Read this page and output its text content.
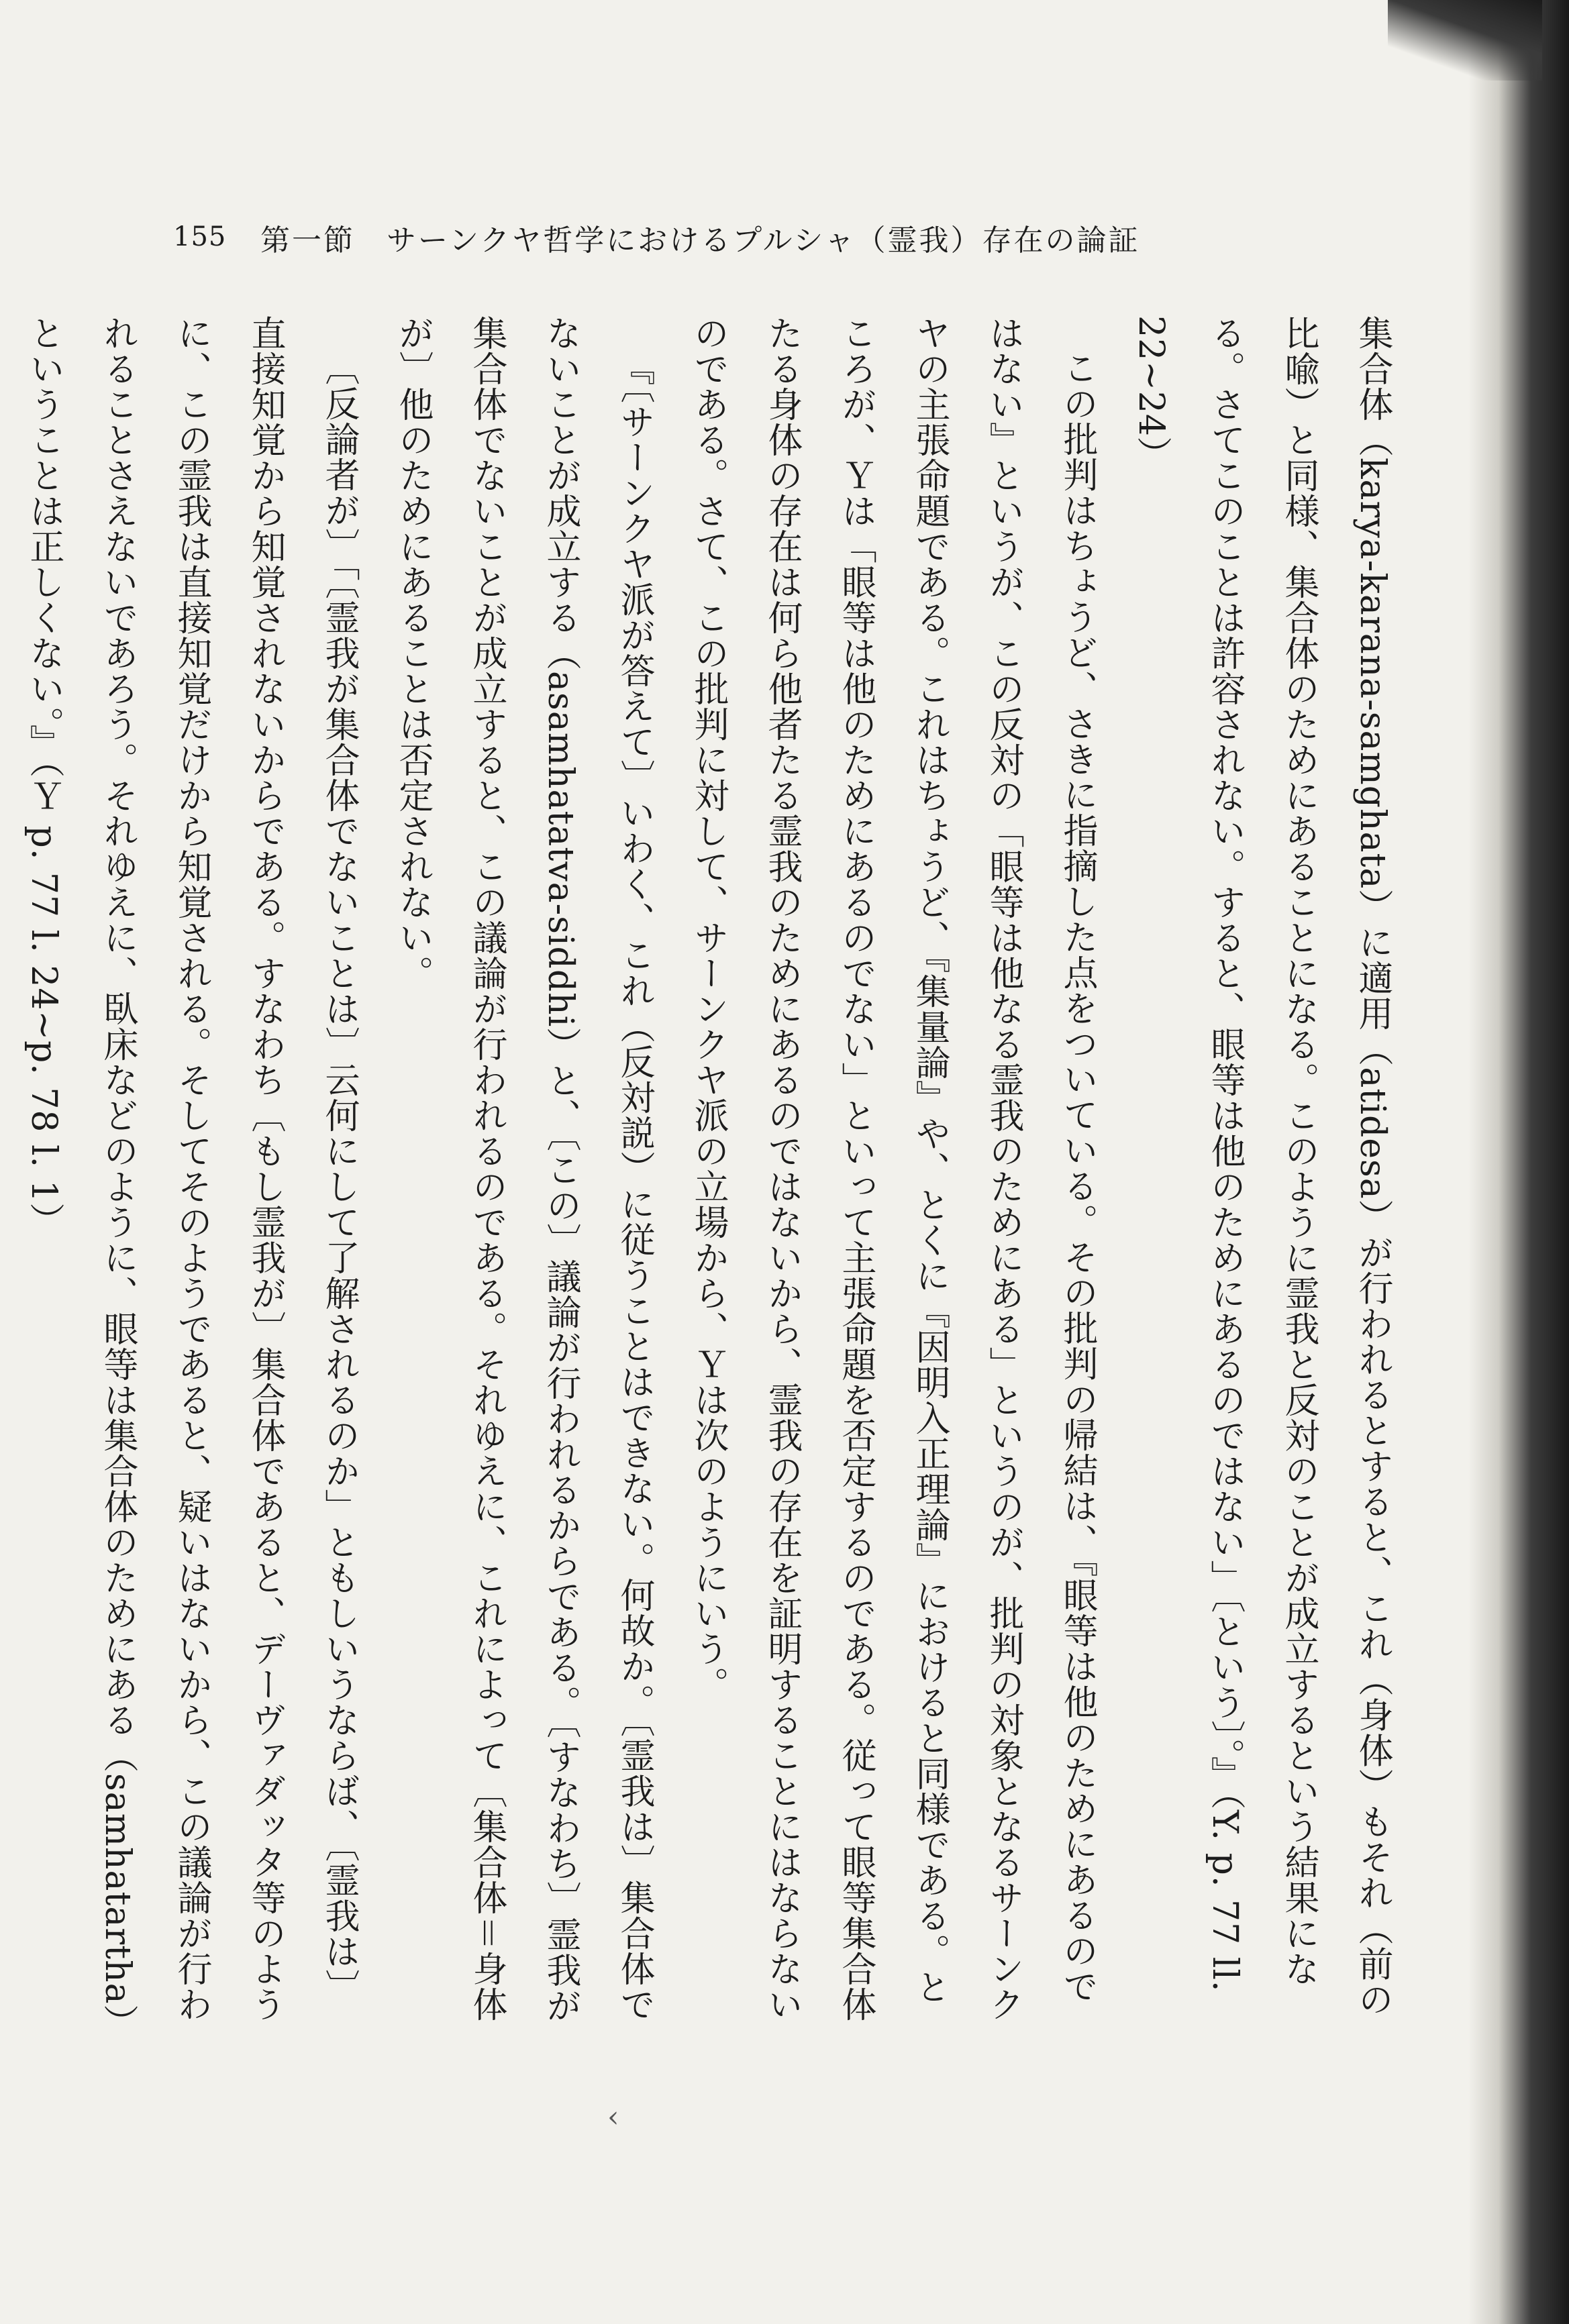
155 第一節　サーンクヤ哲学におけるプルシャ（霊我）存在の論証

集合体（karya-karana-samghata）に適用（atidesa）が行われるとすると、これ（身体）もそれ（前の比喩）と同様、集合体のためにあることになる。このように霊我と反対のことが成立するという結果になる。さてこのことは許容されない。すると、眼等は他のためにあるのではない」〔という〕。』（Y. p. 77 ll. 22~24）

この批判はちょうど、さきに指摘した点をついている。その批判の帰結は、『眼等は他のためにあるのではない』というが、この反対の「眼等は他なる霊我のためにある」というのが、批判の対象となるサーンクヤの主張命題である。これはちょうど、『集量論』や、とくに『因明入正理論』におけると同様である。ところが、Ｙは「眼等は他のためにあるのでない」といって主張命題を否定するのである。従って眼等集合体たる身体の存在は何ら他者たる霊我のためにあるのではないから、霊我の存在を証明することにはならないのである。さて、この批判に対して、サーンクヤ派の立場から、Ｙは次のようにいう。

『〔サーンクヤ派が答えて〕いわく、これ（反対説）に従うことはできない。何故か。〔霊我は〕集合体でないことが成立する（asamhatatva-siddhi）と、〔この〕議論が行われるからである。〔すなわち〕霊我が集合体でないことが成立すると、この議論が行われるのである。それゆえに、これによって〔集合体＝身体が〕他のためにあることは否定されない。

〔反論者が〕「〔霊我が集合体でないことは〕云何にして了解されるのか」ともしいうならば、〔霊我は〕直接知覚から知覚されないからである。すなわち〔もし霊我が〕集合体であると、デーヴァダッタ等のように、この霊我は直接知覚だけから知覚される。そしてそのようであると、疑いはないから、この議論が行われることさえないであろう。それゆえに、臥床などのように、眼等は集合体のためにある（samhatartha）ということは正しくない。』（Ｙ p. 77 l. 24~p. 78 l. 1）

‹
